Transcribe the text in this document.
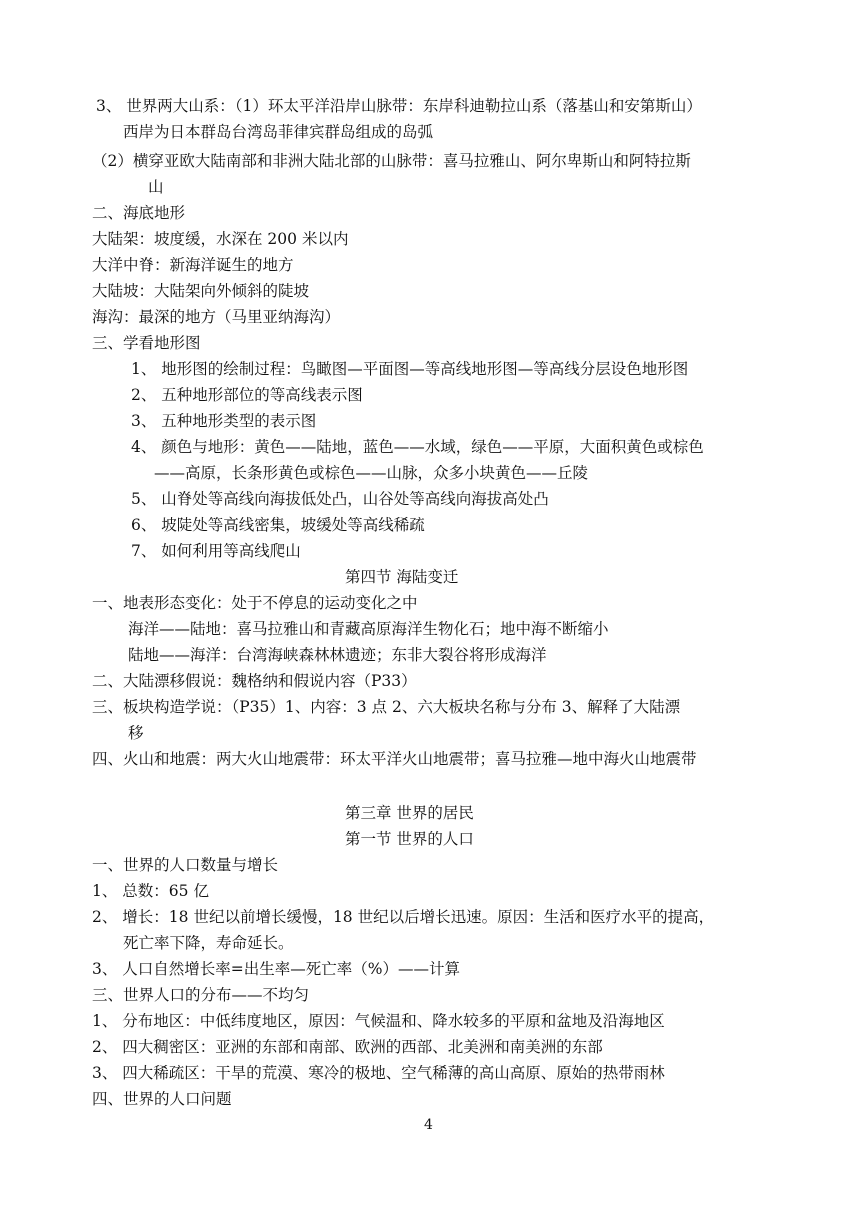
3、 世界两大山系：（1）环太平洋沿岸山脉带：东岸科迪勒拉山系（落基山和安第斯山）
西岸为日本群岛台湾岛菲律宾群岛组成的岛弧
（2）横穿亚欧大陆南部和非洲大陆北部的山脉带：喜马拉雅山、阿尔卑斯山和阿特拉斯
山
二、海底地形
大陆架：坡度缓，水深在 200 米以内
大洋中脊：新海洋诞生的地方
大陆坡：大陆架向外倾斜的陡坡
海沟：最深的地方（马里亚纳海沟）
三、学看地形图
1、 地形图的绘制过程：鸟瞰图—平面图—等高线地形图—等高线分层设色地形图
2、 五种地形部位的等高线表示图
3、 五种地形类型的表示图
4、 颜色与地形：黄色——陆地，蓝色——水域，绿色——平原，大面积黄色或棕色
——高原，长条形黄色或棕色——山脉，众多小块黄色——丘陵
5、 山脊处等高线向海拔低处凸，山谷处等高线向海拔高处凸
6、 坡陡处等高线密集，坡缓处等高线稀疏
7、 如何利用等高线爬山
第四节 海陆变迁
一、地表形态变化：处于不停息的运动变化之中
海洋——陆地：喜马拉雅山和青藏高原海洋生物化石；地中海不断缩小
陆地——海洋：台湾海峡森林林遗迹；东非大裂谷将形成海洋
二、大陆漂移假说：魏格纳和假说内容（P33）
三、板块构造学说：（P35）1、内容：3 点 2、六大板块名称与分布 3、解释了大陆漂
移
四、火山和地震：两大火山地震带：环太平洋火山地震带；喜马拉雅—地中海火山地震带
第三章 世界的居民
第一节 世界的人口
一、世界的人口数量与增长
1、 总数：65 亿
2、 增长：18 世纪以前增长缓慢，18 世纪以后增长迅速。原因：生活和医疗水平的提高，
死亡率下降，寿命延长。
3、 人口自然增长率=出生率—死亡率（%）——计算
三、世界人口的分布——不均匀
1、 分布地区：中低纬度地区，原因：气候温和、降水较多的平原和盆地及沿海地区
2、 四大稠密区：亚洲的东部和南部、欧洲的西部、北美洲和南美洲的东部
3、 四大稀疏区：干旱的荒漠、寒冷的极地、空气稀薄的高山高原、原始的热带雨林
四、世界的人口问题
4
